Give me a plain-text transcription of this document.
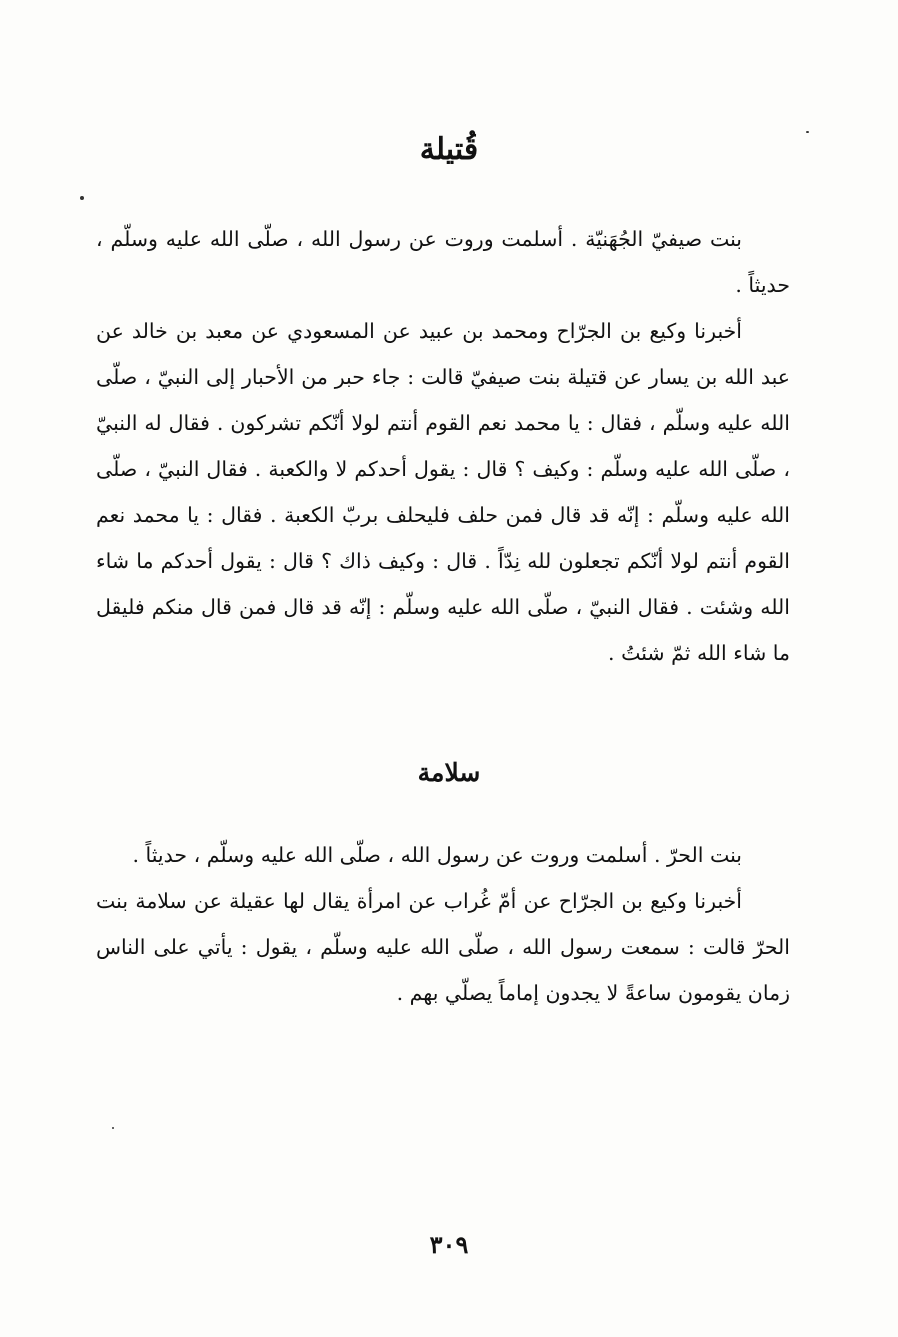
قُتيلة

بنت صيفيّ الجُهَنيّة . أسلمت وروت عن رسول الله ، صلّى الله عليه وسلّم ، حديثاً .

أخبرنا وكيع بن الجرّاح ومحمد بن عبيد عن المسعودي عن معبد بن خالد عن عبد الله بن يسار عن قتيلة بنت صيفيّ قالت : جاء حبر من الأحبار إلى النبيّ ، صلّى الله عليه وسلّم ، فقال : يا محمد نعم القوم أنتم لولا أنّكم تشركون . فقال له النبيّ ، صلّى الله عليه وسلّم : وكيف ؟ قال : يقول أحدكم لا والكعبة . فقال النبيّ ، صلّى الله عليه وسلّم : إنّه قد قال فمن حلف فليحلف بربّ الكعبة . فقال : يا محمد نعم القوم أنتم لولا أنّكم تجعلون لله نِدّاً . قال : وكيف ذاك ؟ قال : يقول أحدكم ما شاء الله وشئت . فقال النبيّ ، صلّى الله عليه وسلّم : إنّه قد قال فمن قال منكم فليقل ما شاء الله ثمّ شئتُ .

سلامة

بنت الحرّ . أسلمت وروت عن رسول الله ، صلّى الله عليه وسلّم ، حديثاً .

أخبرنا وكيع بن الجرّاح عن أمّ غُراب عن امرأة يقال لها عقيلة عن سلامة بنت الحرّ قالت : سمعت رسول الله ، صلّى الله عليه وسلّم ، يقول : يأتي على الناس زمان يقومون ساعةً لا يجدون إماماً يصلّي بهم .

٣٠٩
